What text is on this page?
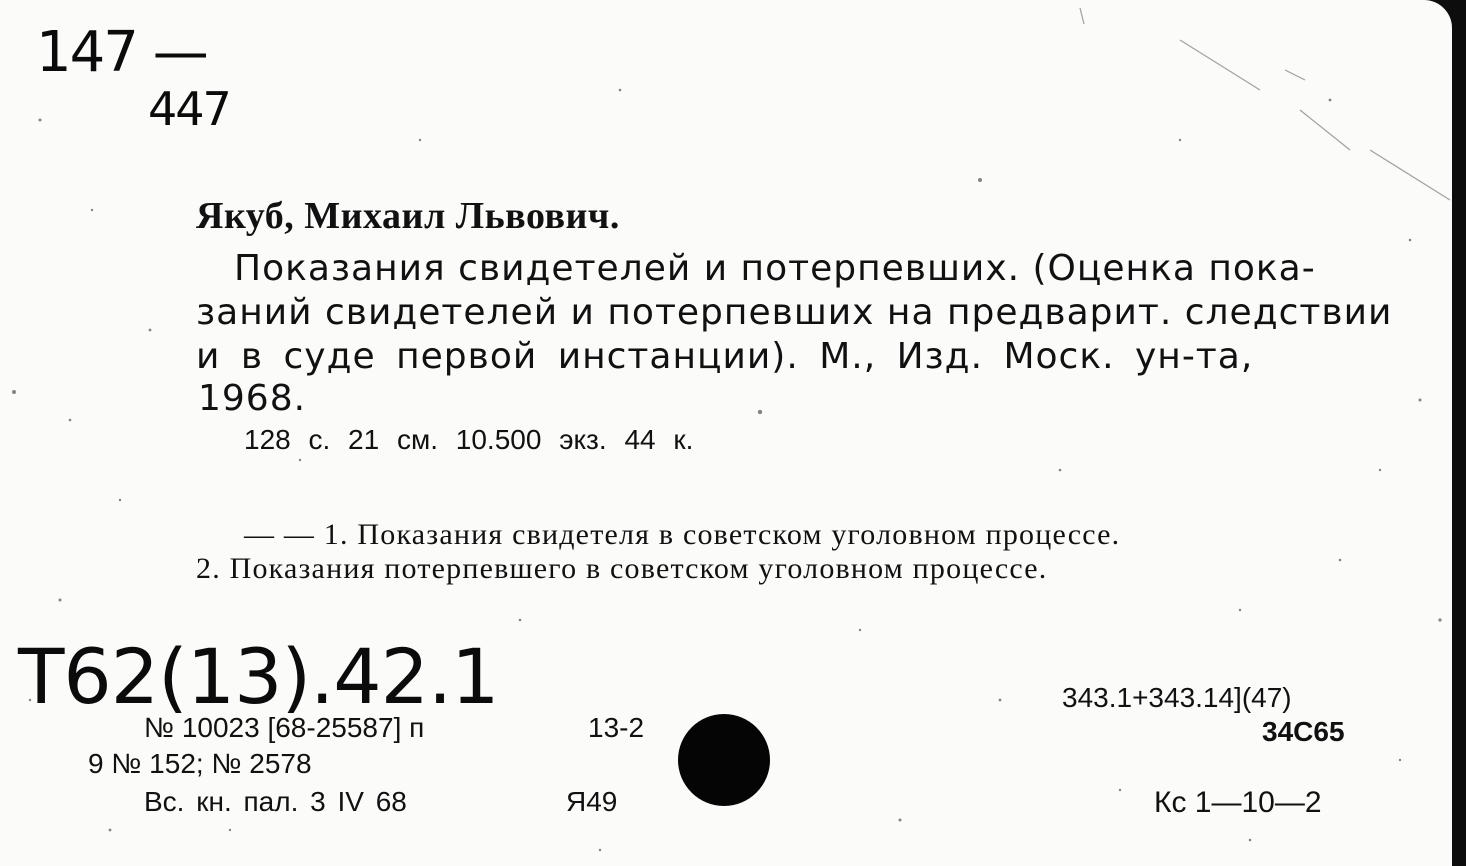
147 —
447
Якуб, Михаил Львович.
Показания свидетелей и потерпевших. (Оценка пока-
заний свидетелей и потерпевших на предварит. следствии
и в суде первой инстанции). М., Изд. Моск. ун-та,
1968.
128 с. 21 см. 10.500 экз. 44 к.
— — 1. Показания свидетеля в советском уголовном процессе.
2. Показания потерпевшего в советском уголовном процессе.
Т62(13).42.1
№ 10023 [68-25587] п	13-2
9 № 152; № 2578
Вс. кн. пал. 3 IV 68	Я49
343.1+343.14](47)
34С65
Кс 1—10—2
